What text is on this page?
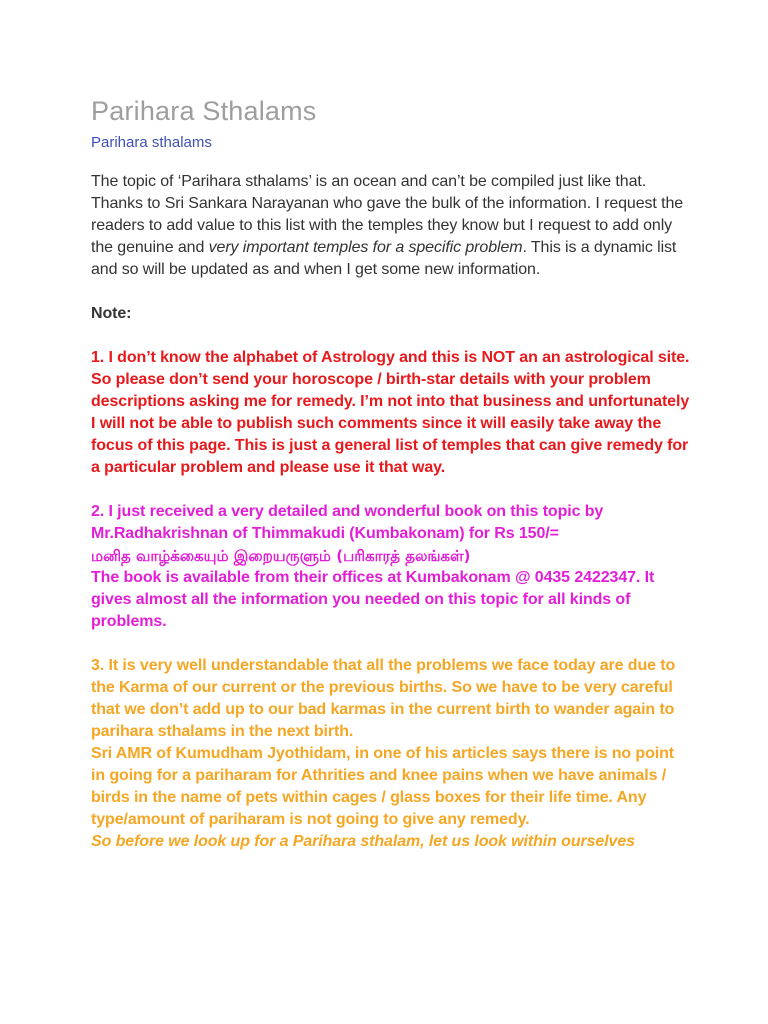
Parihara Sthalams

Parihara sthalams

The topic of ‘Parihara sthalams’ is an ocean and can’t be compiled just like that. Thanks to Sri Sankara Narayanan who gave the bulk of the information. I request the readers to add value to this list with the temples they know but I request to add only the genuine and very important temples for a specific problem. This is a dynamic list and so will be updated as and when I get some new information.

Note:

1. I don’t know the alphabet of Astrology and this is NOT an an astrological site. So please don’t send your horoscope / birth-star details with your problem descriptions asking me for remedy. I’m not into that business and unfortunately I will not be able to publish such comments since it will easily take away the focus of this page. This is just a general list of temples that can give remedy for a particular problem and please use it that way.

2. I just received a very detailed and wonderful book on this topic by Mr.Radhakrishnan of Thimmakudi (Kumbakonam) for Rs 150/=

மனித வாழ்க்கையும் இறையருளும் (பரிகாரத் தலங்கள்)

The book is available from their offices at Kumbakonam @ 0435 2422347. It gives almost all the information you needed on this topic for all kinds of problems.

3. It is very well understandable that all the problems we face today are due to the Karma of our current or the previous births. So we have to be very careful that we don’t add up to our bad karmas in the current birth to wander again to parihara sthalams in the next birth.

Sri AMR of Kumudham Jyothidam, in one of his articles says there is no point in going for a pariharam for Athrities and knee pains when we have animals / birds in the name of pets within cages / glass boxes for their life time. Any type/amount of pariharam is not going to give any remedy.

So before we look up for a Parihara sthalam, let us look within ourselves
